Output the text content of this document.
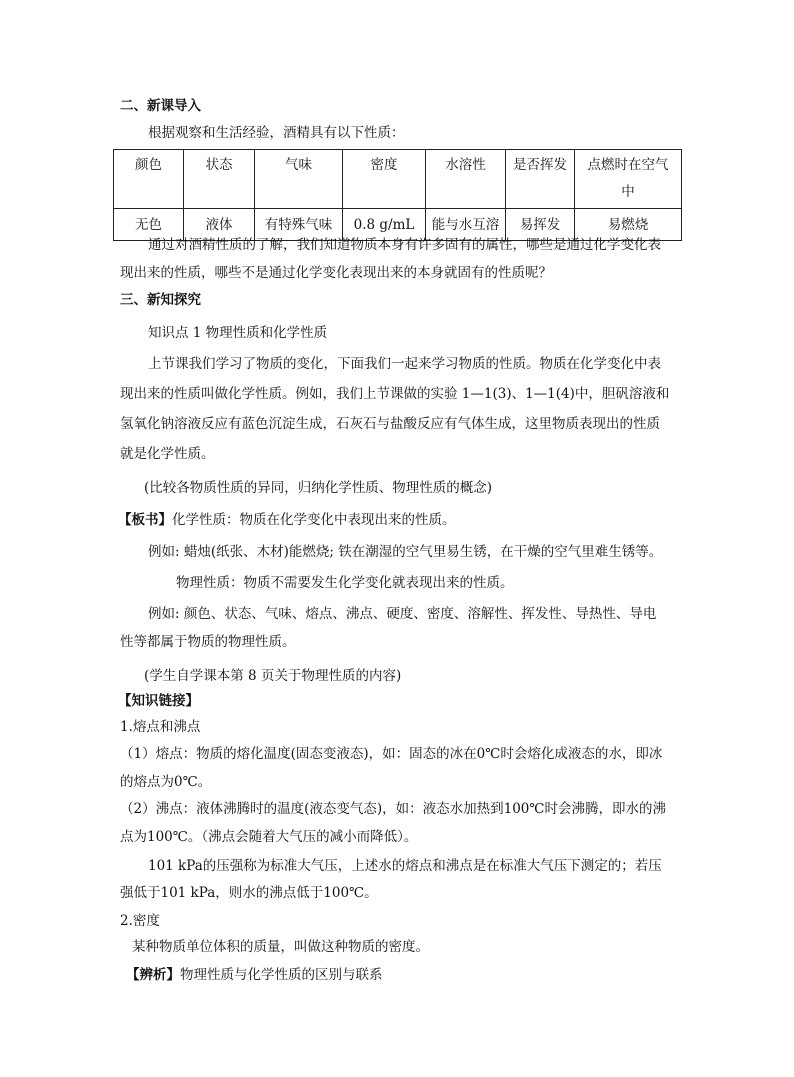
二、新课导入
根据观察和生活经验，酒精具有以下性质：
颜色	状态	气味	密度	水溶性	是否挥发	点燃时在空气
中
无色	液体	有特殊气味	0.8 g/mL	能与水互溶	易挥发	易燃烧
通过对酒精性质的了解，我们知道物质本身有许多固有的属性，哪些是通过化学变化表
现出来的性质，哪些不是通过化学变化表现出来的本身就固有的性质呢？
三、新知探究
知识点 1 物理性质和化学性质
上节课我们学习了物质的变化，下面我们一起来学习物质的性质。物质在化学变化中表
现出来的性质叫做化学性质。例如，我们上节课做的实验 1—1(3)、1—1(4)中，胆矾溶液和
氢氧化钠溶液反应有蓝色沉淀生成，石灰石与盐酸反应有气体生成，这里物质表现出的性质
就是化学性质。
(比较各物质性质的异同，归纳化学性质、物理性质的概念)
【板书】化学性质：物质在化学变化中表现出来的性质。
例如: 蜡烛(纸张、木材)能燃烧; 铁在潮湿的空气里易生锈，在干燥的空气里难生锈等。
物理性质：物质不需要发生化学变化就表现出来的性质。
例如: 颜色、状态、气味、熔点、沸点、硬度、密度、溶解性、挥发性、导热性、导电
性等都属于物质的物理性质。
(学生自学课本第 8 页关于物理性质的内容)
【知识链接】
1.熔点和沸点
（1）熔点：物质的熔化温度(固态变液态)，如：固态的冰在0℃时会熔化成液态的水，即冰
的熔点为0℃。
（2）沸点：液体沸腾时的温度(液态变气态)，如：液态水加热到100℃时会沸腾，即水的沸
点为100℃。（沸点会随着大气压的减小而降低）。
101 kPa的压强称为标准大气压，上述水的熔点和沸点是在标准大气压下测定的；若压
强低于101 kPa，则水的沸点低于100℃。
2.密度
某种物质单位体积的质量，叫做这种物质的密度。
【辨析】物理性质与化学性质的区别与联系
